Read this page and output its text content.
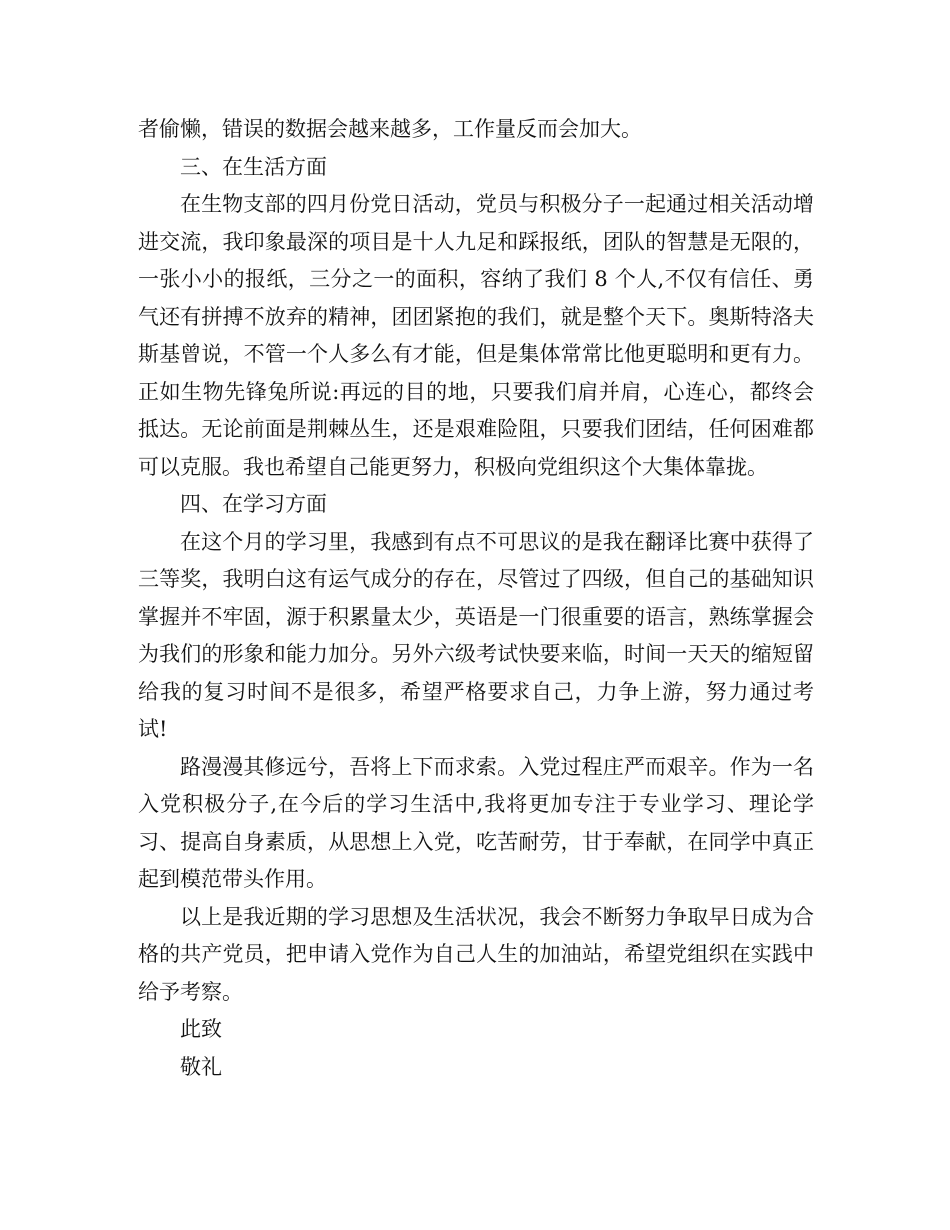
者偷懒，错误的数据会越来越多，工作量反而会加大。

三、在生活方面

在生物支部的四月份党日活动，党员与积极分子一起通过相关活动增进交流，我印象最深的项目是十人九足和踩报纸，团队的智慧是无限的，一张小小的报纸，三分之一的面积，容纳了我们 8 个人,不仅有信任、勇气还有拼搏不放弃的精神，团团紧抱的我们，就是整个天下。奥斯特洛夫斯基曾说，不管一个人多么有才能，但是集体常常比他更聪明和更有力。正如生物先锋兔所说:再远的目的地，只要我们肩并肩，心连心，都终会抵达。无论前面是荆棘丛生，还是艰难险阻，只要我们团结，任何困难都可以克服。我也希望自己能更努力，积极向党组织这个大集体靠拢。

四、在学习方面

在这个月的学习里，我感到有点不可思议的是我在翻译比赛中获得了三等奖，我明白这有运气成分的存在，尽管过了四级，但自己的基础知识掌握并不牢固，源于积累量太少，英语是一门很重要的语言，熟练掌握会为我们的形象和能力加分。另外六级考试快要来临，时间一天天的缩短留给我的复习时间不是很多，希望严格要求自己，力争上游，努力通过考试!

路漫漫其修远兮，吾将上下而求索。入党过程庄严而艰辛。作为一名入党积极分子,在今后的学习生活中,我将更加专注于专业学习、理论学习、提高自身素质，从思想上入党，吃苦耐劳，甘于奉献，在同学中真正起到模范带头作用。

以上是我近期的学习思想及生活状况，我会不断努力争取早日成为合格的共产党员，把申请入党作为自己人生的加油站，希望党组织在实践中给予考察。

此致

敬礼
